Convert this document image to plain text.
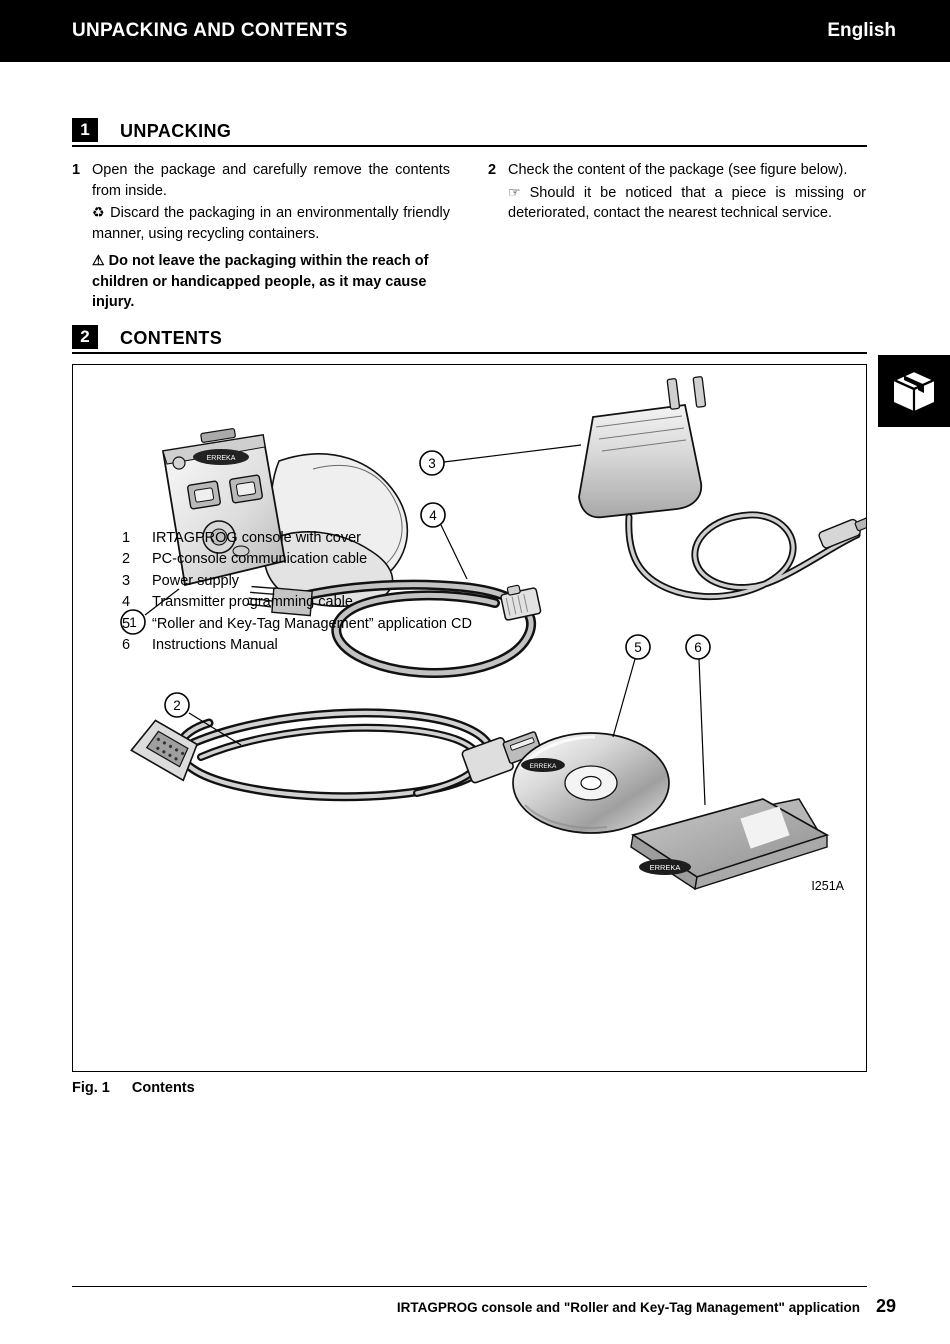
UNPACKING AND CONTENTS	English
1	UNPACKING
1 Open the package and carefully remove the contents from inside.
♻ Discard the packaging in an environmentally friendly manner, using recycling containers.
⚠ Do not leave the packaging within the reach of children or handicapped people, as it may cause injury.
2 Check the content of the package (see figure below).
☞ Should it be noticed that a piece is missing or deteriorated, contact the nearest technical service.
2	CONTENTS
ERREKA
1
3
4
2
ERREKA
ERREKA
5	6
I251A
1	IRTAGPROG console with cover
2	PC-console communication cable
3	Power supply
4	Transmitter programming cable
5	“Roller and Key-Tag Management” application CD
6	Instructions Manual
Fig. 1 Contents
IRTAGPROG console and "Roller and Key-Tag Management" application 29
